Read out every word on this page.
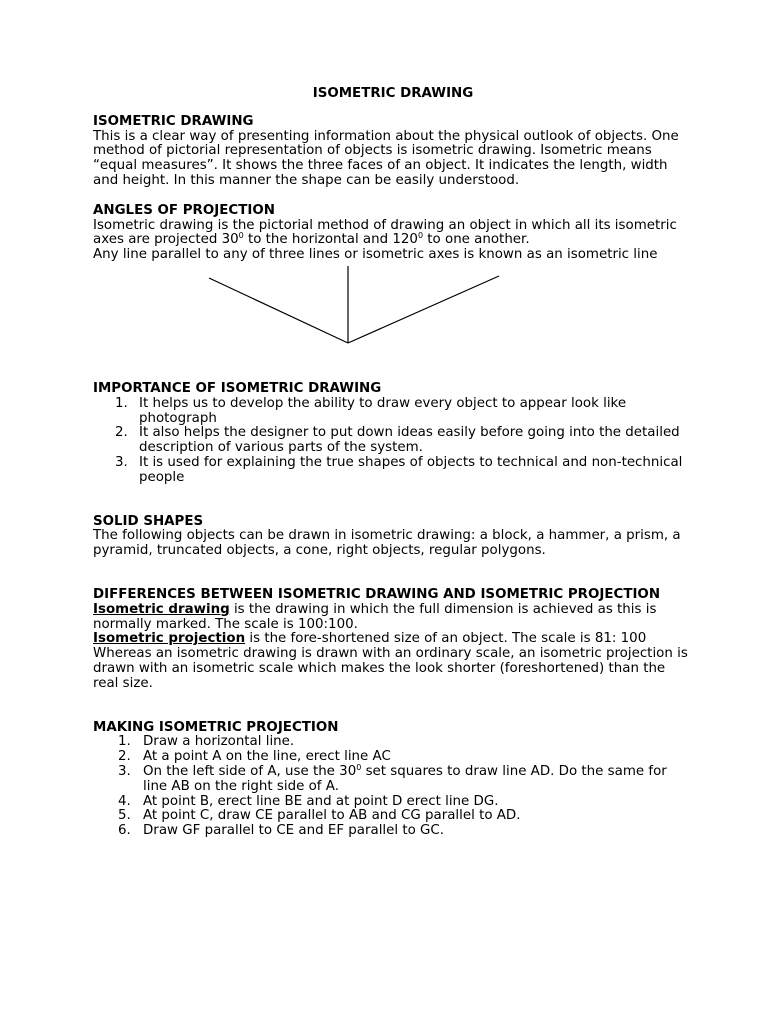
ISOMETRIC DRAWING
ISOMETRIC DRAWING

This is a clear way of presenting information about the physical outlook of objects. One method of pictorial representation of objects is isometric drawing. Isometric means “equal measures”. It shows the three faces of an object. It indicates the length, width and height. In this manner the shape can be easily understood.

ANGLES OF PROJECTION

Isometric drawing is the pictorial method of drawing an object in which all its isometric axes are projected $30^0$ to the horizontal and $120^0$ to one another.

Any line parallel to any of three lines or isometric axes is known as an isometric line

IMPORTANCE OF ISOMETRIC DRAWING
1. It helps us to develop the ability to draw every object to appear look like photograph
2. It also helps the designer to put down ideas easily before going into the detailed description of various parts of the system.
3. It is used for explaining the true shapes of objects to technical and non-technical people
SOLID SHAPES

The following objects can be drawn in isometric drawing: a block, a hammer, a prism, a pyramid, truncated objects, a cone, right objects, regular polygons.

DIFFERENCES BETWEEN ISOMETRIC DRAWING AND ISOMETRIC PROJECTION

Isometric drawing is the drawing in which the full dimension is achieved as this is normally marked. The scale is 100:100.

Isometric projection is the fore-shortened size of an object. The scale is 81: 100

Whereas an isometric drawing is drawn with an ordinary scale, an isometric projection is drawn with an isometric scale which makes the look shorter (foreshortened) than the real size.

MAKING ISOMETRIC PROJECTION
1. Draw a horizontal line.
2. At a point A on the line, erect line AC
3. On the left side of A, use the $30^0$ set squares to draw line AD. Do the same for line AB on the right side of A.
4. At point B, erect line BE and at point D erect line DG.
5. At point C, draw CE parallel to AB and CG parallel to AD.
6. Draw GF parallel to CE and EF parallel to GC.
